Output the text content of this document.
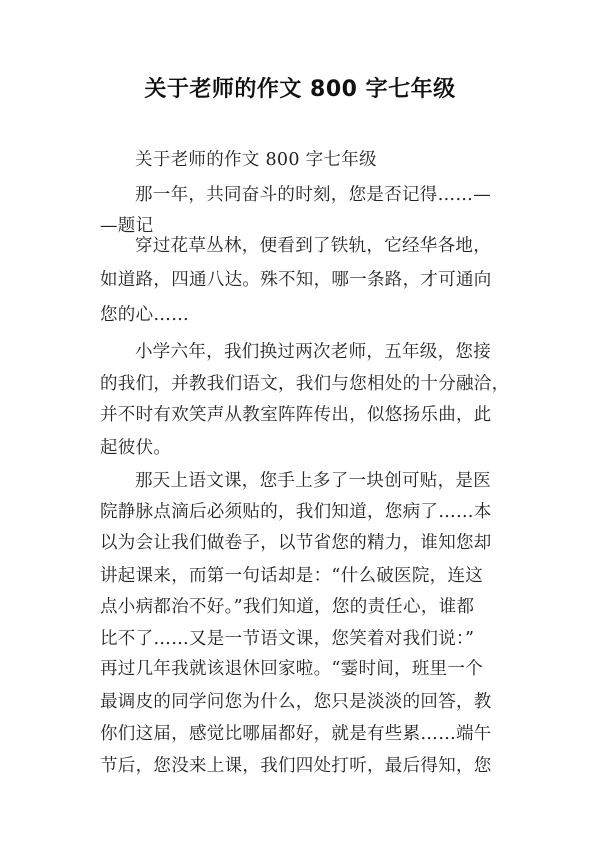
关于老师的作文 800 字七年级
关于老师的作文 800 字七年级
那一年，共同奋斗的时刻，您是否记得……—
—题记
穿过花草丛林，便看到了铁轨，它经华各地，
如道路，四通八达。殊不知，哪一条路，才可通向
您的心……
小学六年，我们换过两次老师，五年级，您接
的我们，并教我们语文，我们与您相处的十分融洽，
并不时有欢笑声从教室阵阵传出，似悠扬乐曲，此
起彼伏。
那天上语文课，您手上多了一块创可贴，是医
院静脉点滴后必须贴的，我们知道，您病了……本
以为会让我们做卷子，以节省您的精力，谁知您却
讲起课来，而第一句话却是：“什么破医院，连这
点小病都治不好。”我们知道，您的责任心，谁都
比不了……又是一节语文课，您笑着对我们说：”
再过几年我就该退休回家啦。“霎时间，班里一个
最调皮的同学问您为什么，您只是淡淡的回答，教
你们这届，感觉比哪届都好，就是有些累……端午
节后，您没来上课，我们四处打听，最后得知，您
